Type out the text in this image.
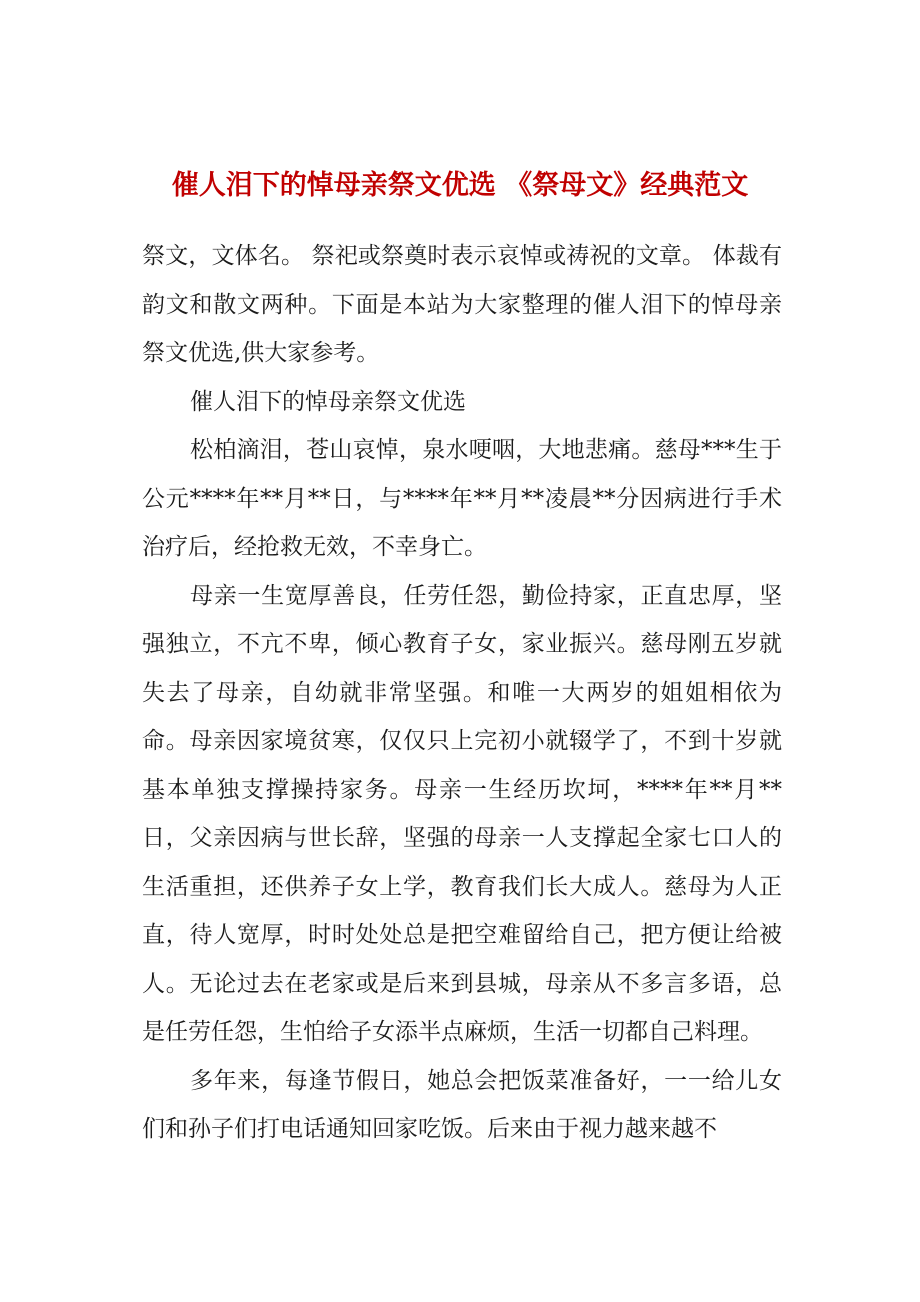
催人泪下的悼母亲祭文优选 《祭母文》经典范文

祭文，文体名。 祭祀或祭奠时表示哀悼或祷祝的文章。 体裁有韵文和散文两种。下面是本站为大家整理的催人泪下的悼母亲祭文优选,供大家参考。

催人泪下的悼母亲祭文优选

松柏滴泪，苍山哀悼，泉水哽咽，大地悲痛。慈母***生于公元****年**月**日，与****年**月**凌晨**分因病进行手术治疗后，经抢救无效，不幸身亡。

母亲一生宽厚善良，任劳任怨，勤俭持家，正直忠厚，坚强独立，不亢不卑，倾心教育子女，家业振兴。慈母刚五岁就失去了母亲，自幼就非常坚强。和唯一大两岁的姐姐相依为命。母亲因家境贫寒，仅仅只上完初小就辍学了，不到十岁就基本单独支撑操持家务。母亲一生经历坎坷，****年**月**日，父亲因病与世长辞，坚强的母亲一人支撑起全家七口人的生活重担，还供养子女上学，教育我们长大成人。慈母为人正直，待人宽厚，时时处处总是把空难留给自己，把方便让给被人。无论过去在老家或是后来到县城，母亲从不多言多语，总是任劳任怨，生怕给子女添半点麻烦，生活一切都自己料理。

多年来，每逢节假日，她总会把饭菜准备好，一一给儿女们和孙子们打电话通知回家吃饭。后来由于视力越来越不
